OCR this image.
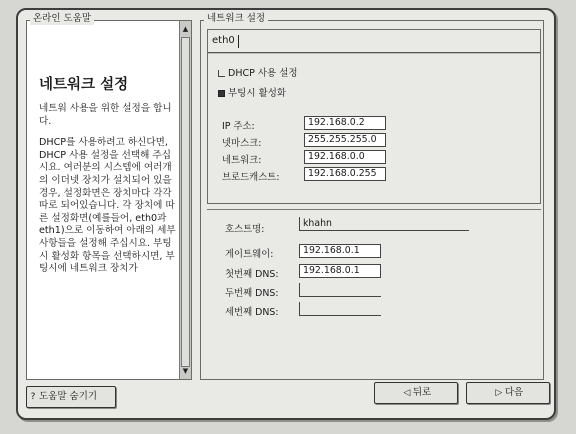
네트워크 설정

네트워 사용을 위한 설정을 합니다.

DHCP를 사용하려고 하신다면, DHCP 사용 설정을 선택해 주십시요. 여러분의 시스템에 여러개의 이더넷 장치가 설치되어 있을 경우, 설정화면은 장치마다 각각 따로 되어있습니다. 각 장치에 따른 설정화면(예를들어, eth0과 eth1)으로 이동하여 아래의 세부 사항들을 설정해 주십시요. 부팅시 활성화 항목을 선택하시면, 부팅시에 네트워크 장치가

▲
▼
온라인 도움말
eth0
DHCP 사용 설정
부팅시 활성화
IP 주소:	192.168.0.2
넷마스크:	255.255.255.0
네트워크:	192.168.0.0
브로드캐스트:	192.168.0.255
호스트명:
khahn
게이트웨이:	192.168.0.1
첫번째 DNS:	192.168.0.1
두번째 DNS:
세번째 DNS:
네트워크 설정
? 도움말 숨기기	◁ 뒤로	▷ 다음
